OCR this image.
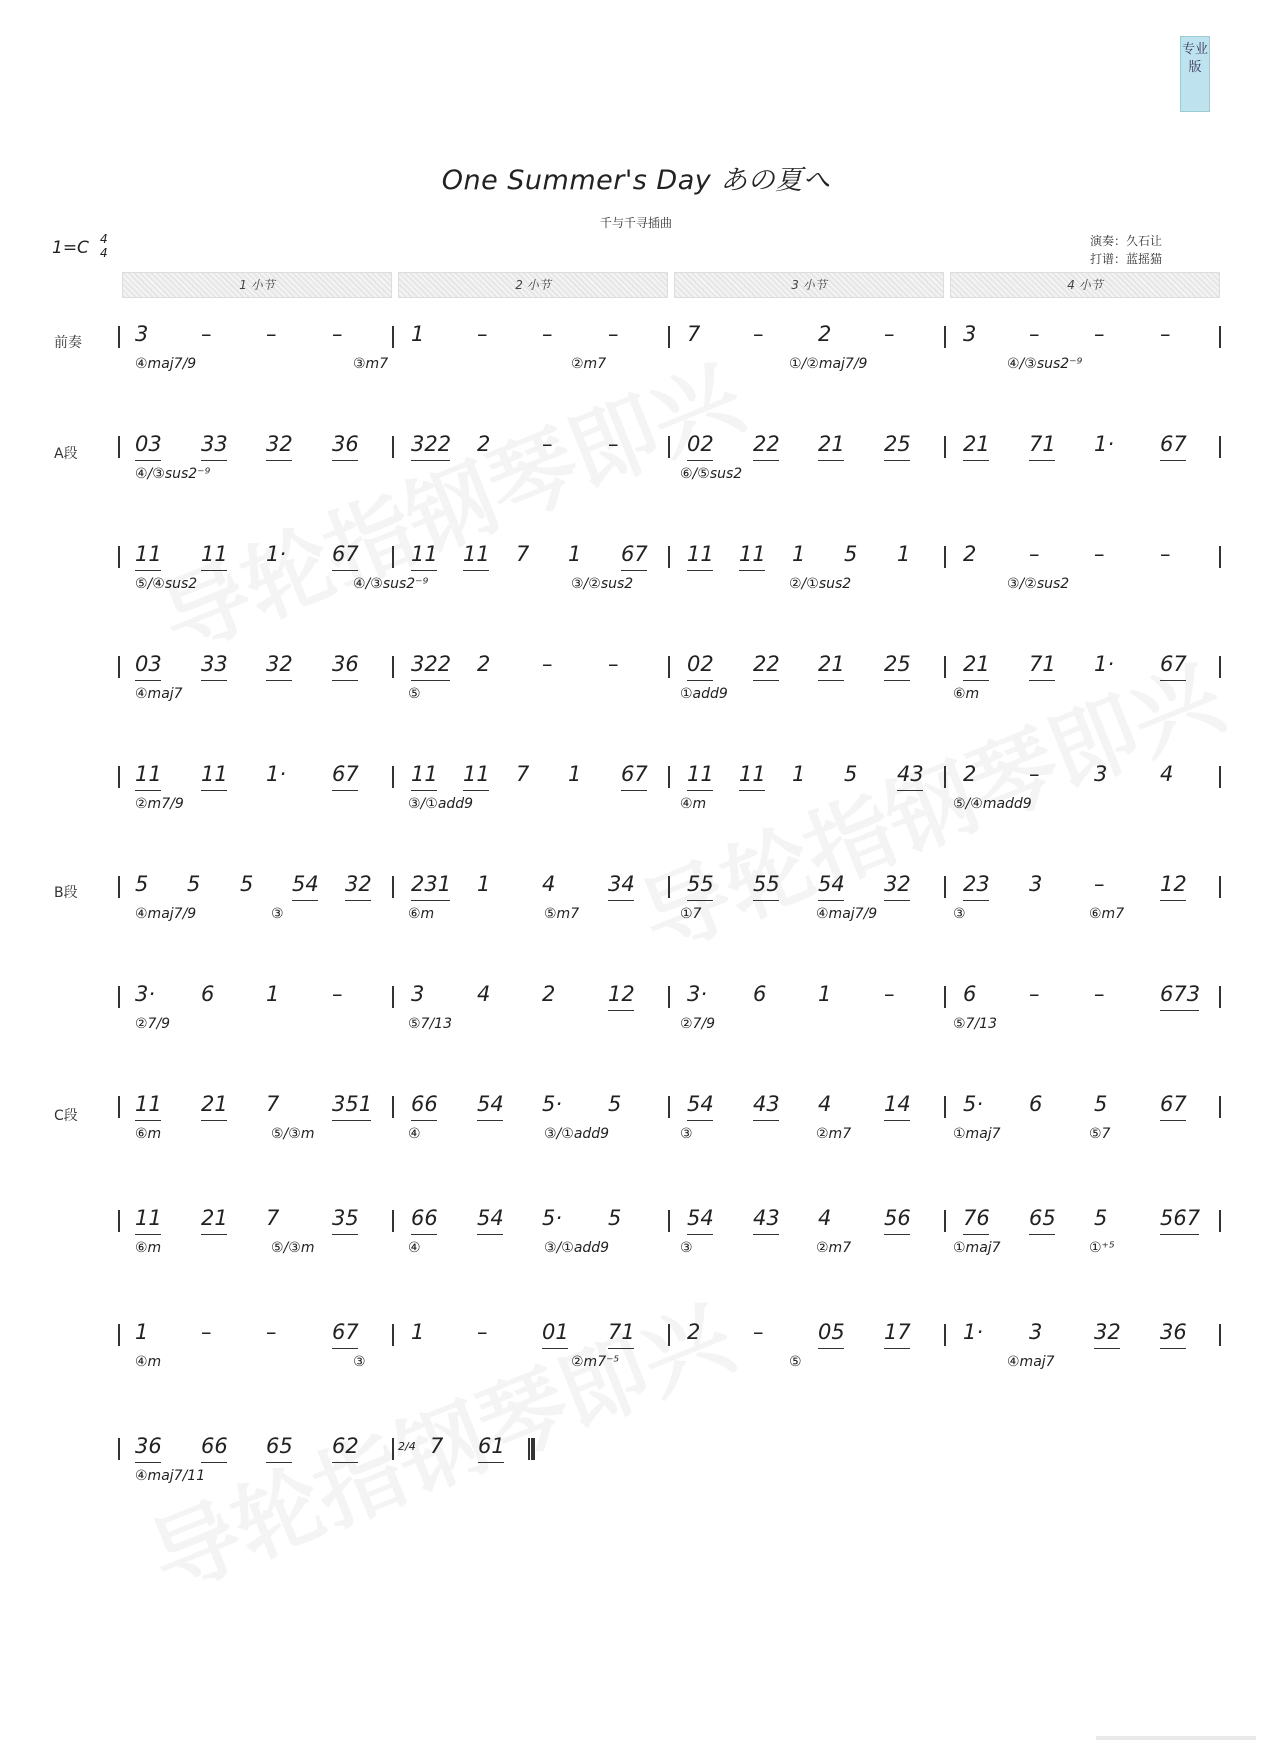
专业版
One Summer's Day あの夏へ
千与千寻插曲
1=C 4
4
演奏：久石让
打谱：蓝摇猫
1 小节	2 小节	3 小节	4 小节
前奏
A段
B段
C段
3	–	–	–	1	–	–	–	7	–	2	–	3	–	–	–
④maj7/9	③m7	②m7	①/②maj7/9	④/③sus2⁻⁹
03 33 32 36 322 2 –	–	02 22 21 25 21 71 1· 67
④/③sus2⁻⁹	⑥/⑤sus2
11 11 1· 67 11 11 7 1 67 11 11 1 5 1	2	–	–	–
⑤/④sus2	④/③sus2⁻⁹	③/②sus2	②/①sus2	③/②sus2
03 33 32 36 322 2 –	–	02 22 21 25 21 71 1· 67
④maj7	⑤	①add9	⑥m
11 11 1· 67 11 11 7 1 67 11 11 1 5 43 2	–	3	4
②m7/9	③/①add9	④m	⑤/④madd9
5 5 5 54 32 231 1 4	34 55 55 54 32 23 3 –	12
④maj7/9	③	⑥m	⑤m7	①7	④maj7/9	③	⑥m7
3· 6 1	–	3	4 2	12 3· 6 1	–	6	–	–	673
②7/9	⑤7/13	②7/9	⑤7/13
11 21 7	351 66 54 5· 5	54 43 4	14 5· 6 5	67
⑥m	⑤/③m	④	③/①add9	③	②m7	①maj7	⑤7
11 21 7	35 66 54 5· 5	54 43 4	56 76 65 5	567
⑥m	⑤/③m	④	③/①add9	③	②m7	①maj7	①⁺⁵
1	–	–	67 1	–	01 71 2	–	05 17 1· 3 32 36
④m	③	②m7⁻⁵	⑤	④maj7
2/4
36 66 65 62	7 61
④maj7/11
